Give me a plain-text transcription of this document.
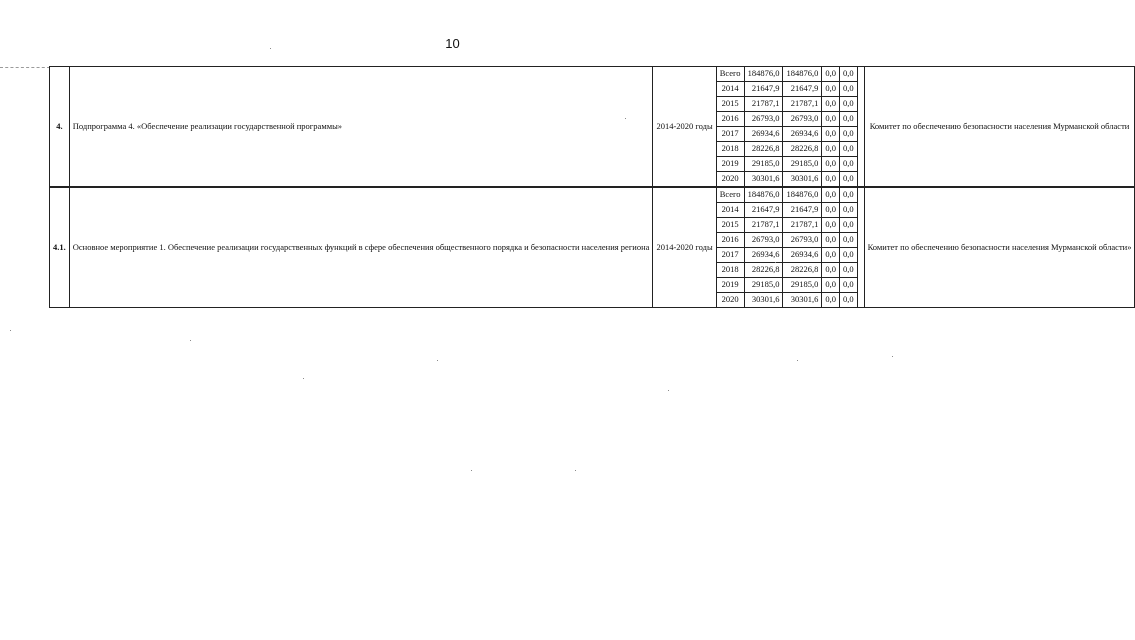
10
4.	Подпрограмма 4. «Обеспечение реализации государственной программы»	2014-2020 годы	Всего	184876,0	184876,0	0,0	0,0		Комитет по обеспечению безопасности населения Мурманской области
			2014	21647,9	21647,9	0,0	0,0		
			2015	21787,1	21787,1	0,0	0,0		
			2016	26793,0	26793,0	0,0	0,0		
			2017	26934,6	26934,6	0,0	0,0		
			2018	28226,8	28226,8	0,0	0,0		
			2019	29185,0	29185,0	0,0	0,0		
			2020	30301,6	30301,6	0,0	0,0		
4.1.	Основное мероприятие 1. Обеспечение реализации государственных функций в сфере обеспечения общественного порядка и безопасности населения региона	2014-2020 годы	Всего	184876,0	184876,0	0,0	0,0		Комитет по обеспечению безопасности населения Мурманской области»
			2014	21647,9	21647,9	0,0	0,0		
			2015	21787,1	21787,1	0,0	0,0		
			2016	26793,0	26793,0	0,0	0,0		
			2017	26934,6	26934,6	0,0	0,0		
			2018	28226,8	28226,8	0,0	0,0		
			2019	29185,0	29185,0	0,0	0,0		
			2020	30301,6	30301,6	0,0	0,0		
